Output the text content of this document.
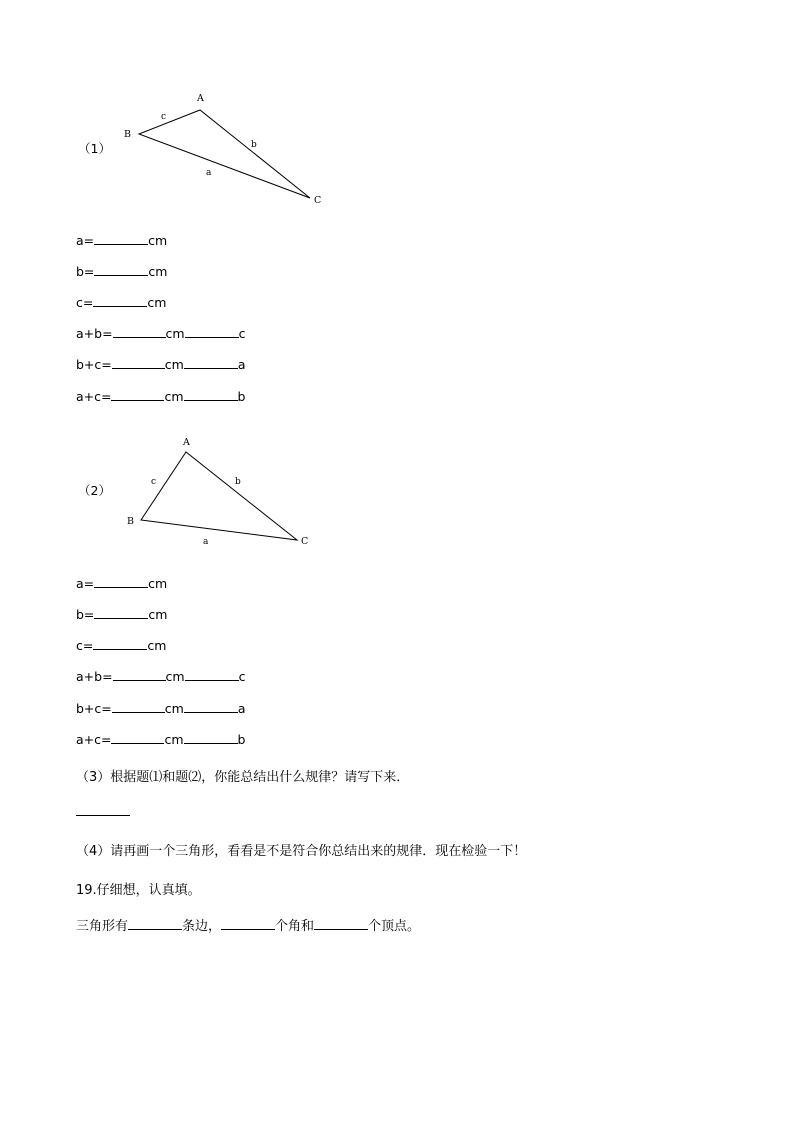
（1）
A
B
C
c
b
a
a=	cm
b=	cm
c=	cm
a+b=	cm	c
b+c=	cm	a
a+c=	cm	b
（2）
A
B
C
c	b
a
a=	cm
b=	cm
c=	cm
a+b=	cm	c
b+c=	cm	a
a+c=	cm	b
（3）根据题⑴和题⑵，你能总结出什么规律？请写下来．
（4）请再画一个三角形，看看是不是符合你总结出来的规律．现在检验一下！
19.仔细想，认真填。
三角形有	条边，	个角和	个顶点。
